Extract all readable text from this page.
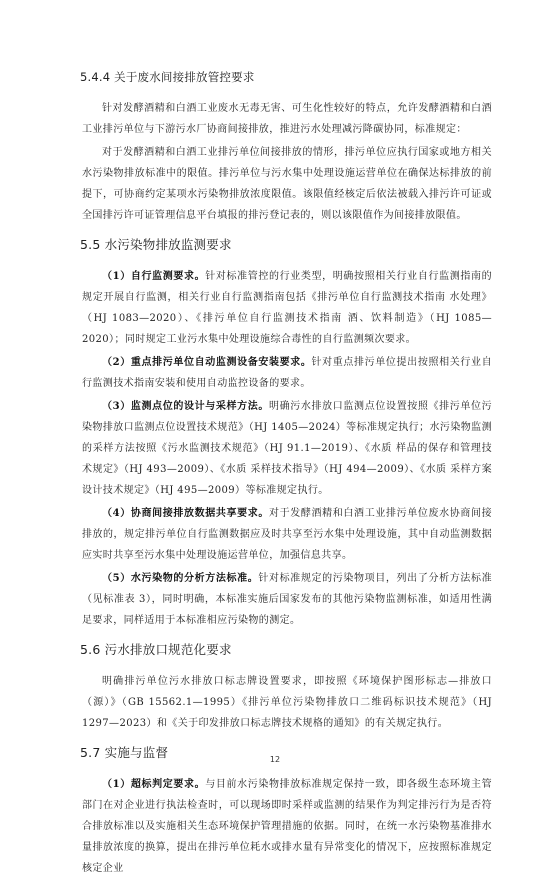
5.4.4 关于废水间接排放管控要求

针对发酵酒精和白酒工业废水无毒无害、可生化性较好的特点，允许发酵酒精和白酒工业排污单位与下游污水厂协商间接排放，推进污水处理减污降碳协同，标准规定：

对于发酵酒精和白酒工业排污单位间接排放的情形，排污单位应执行国家或地方相关水污染物排放标准中的限值。排污单位与污水集中处理设施运营单位在确保达标排放的前提下，可协商约定某项水污染物排放浓度限值。该限值经核定后依法被载入排污许可证或全国排污许可证管理信息平台填报的排污登记表的，则以该限值作为间接排放限值。

5.5 水污染物排放监测要求

（1）自行监测要求。针对标准管控的行业类型，明确按照相关行业自行监测指南的规定开展自行监测，相关行业自行监测指南包括《排污单位自行监测技术指南 水处理》（HJ 1083—2020）、《排污单位自行监测技术指南 酒、饮料制造》（HJ 1085—2020）；同时规定工业污水集中处理设施综合毒性的自行监测频次要求。

（2）重点排污单位自动监测设备安装要求。针对重点排污单位提出按照相关行业自行监测技术指南安装和使用自动监控设备的要求。

（3）监测点位的设计与采样方法。明确污水排放口监测点位设置按照《排污单位污染物排放口监测点位设置技术规范》（HJ 1405—2024）等标准规定执行；水污染物监测的采样方法按照《污水监测技术规范》（HJ 91.1—2019）、《水质 样品的保存和管理技术规定》（HJ 493—2009）、《水质 采样技术指导》（HJ 494—2009）、《水质 采样方案设计技术规定》（HJ 495—2009）等标准规定执行。

（4）协商间接排放数据共享要求。对于发酵酒精和白酒工业排污单位废水协商间接排放的，规定排污单位自行监测数据应及时共享至污水集中处理设施，其中自动监测数据应实时共享至污水集中处理设施运营单位，加强信息共享。

（5）水污染物的分析方法标准。针对标准规定的污染物项目，列出了分析方法标准（见标准表 3），同时明确，本标准实施后国家发布的其他污染物监测标准，如适用性满足要求，同样适用于本标准相应污染物的测定。

5.6 污水排放口规范化要求

明确排污单位污水排放口标志牌设置要求，即按照《环境保护图形标志—排放口（源）》（GB 15562.1—1995）《排污单位污染物排放口二维码标识技术规范》（HJ 1297—2023）和《关于印发排放口标志牌技术规格的通知》的有关规定执行。

5.7 实施与监督

（1）超标判定要求。与目前水污染物排放标准规定保持一致，即各级生态环境主管部门在对企业进行执法检查时，可以现场即时采样或监测的结果作为判定排污行为是否符合排放标准以及实施相关生态环境保护管理措施的依据。同时，在统一水污染物基准排水量排放浓度的换算，提出在排污单位耗水或排水量有异常变化的情况下，应按照标准规定核定企业

12
